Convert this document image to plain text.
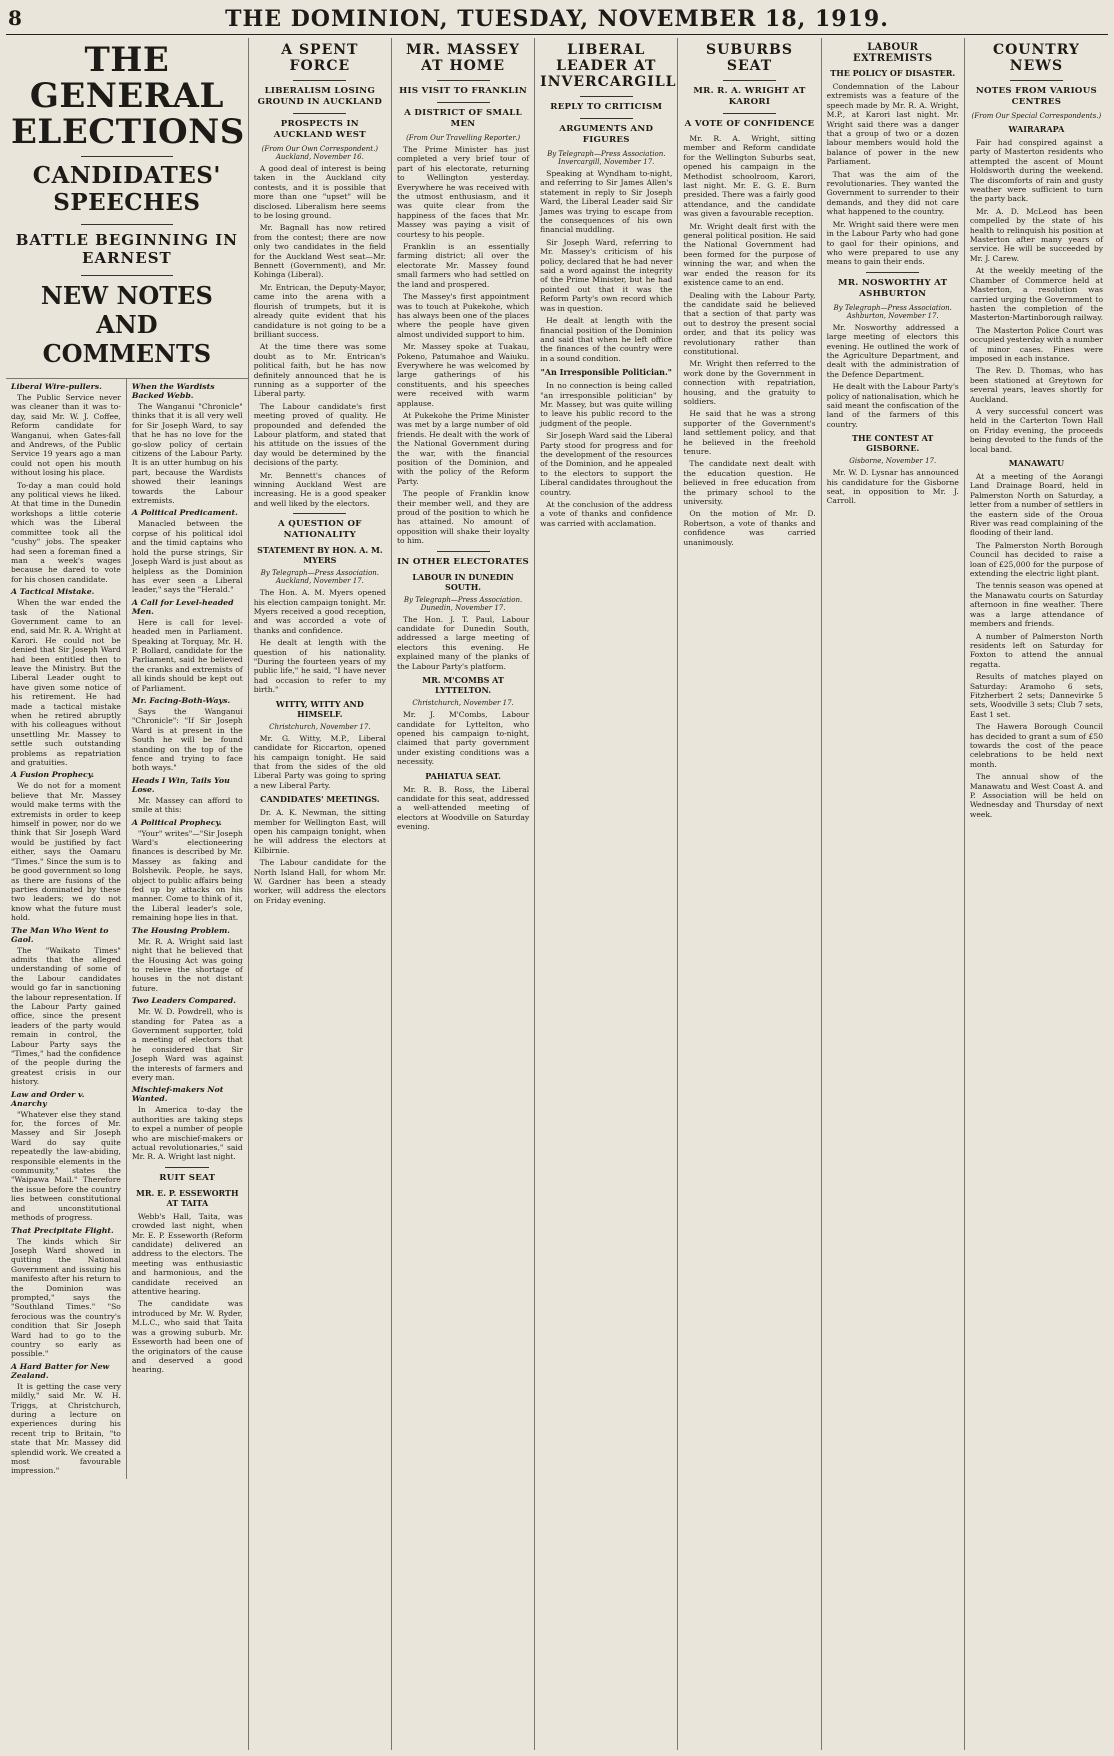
8	THE DOMINION, TUESDAY, NOVEMBER 18, 1919.
THE GENERAL ELECTIONS
CANDIDATES' SPEECHES
BATTLE BEGINNING IN EARNEST
NEW NOTES AND COMMENTS
Liberal Wire-pullers.

The Public Service never was cleaner than it was to-day, said Mr. W. J. Coffee, Reform candidate for Wanganui, when Gates-fall and Andrews, of the Public Service 19 years ago a man could not open his mouth without losing his place.

To-day a man could hold any political views he liked. At that time in the Dunedin workshops a little coterie which was the Liberal committee took all the "cushy" jobs. The speaker had seen a foreman fined a man a week's wages because he dared to vote for his chosen candidate.

A Tactical Mistake.

When the war ended the task of the National Government came to an end, said Mr. R. A. Wright at Karori. He could not be denied that Sir Joseph Ward had been entitled then to leave the Ministry. But the Liberal Leader ought to have given some notice of his retirement. He had made a tactical mistake when he retired abruptly with his colleagues without unsettling Mr. Massey to settle such outstanding problems as repatriation and gratuities.

A Fusion Prophecy.

We do not for a moment believe that Mr. Massey would make terms with the extremists in order to keep himself in power, nor do we think that Sir Joseph Ward would be justified by fact either, says the Oamaru "Times." Since the sum is to be good government so long as there are fusions of the parties dominated by these two leaders; we do not know what the future must hold.

The Man Who Went to Gaol.

The "Waikato Times" admits that the alleged understanding of some of the Labour candidates would go far in sanctioning the labour representation. If the Labour Party gained office, since the present leaders of the party would remain in control, the Labour Party says the "Times," had the confidence of the people during the greatest crisis in our history.

Law and Order v. Anarchy

"Whatever else they stand for, the forces of Mr. Massey and Sir Joseph Ward do say quite repeatedly the law-abiding, responsible elements in the community," states the "Waipawa Mail." Therefore the issue before the country lies between constitutional and unconstitutional methods of progress.

That Precipitate Flight.

The kinds which Sir Joseph Ward showed in quitting the National Government and issuing his manifesto after his return to the Dominion was prompted," says the "Southland Times." "So ferocious was the country's condition that Sir Joseph Ward had to go to the country so early as possible."

A Hard Batter for New Zealand.

It is getting the case very mildly," said Mr. W. H. Triggs, at Christchurch, during a lecture on experiences during his recent trip to Britain, "to state that Mr. Massey did splendid work. We created a most favourable impression."

When the Wardists Backed Webb.

The Wanganui "Chronicle" thinks that it is all very well for Sir Joseph Ward, to say that he has no love for the go-slow policy of certain citizens of the Labour Party. It is an utter humbug on his part, because the Wardists showed their leanings towards the Labour extremists.

A Political Predicament.

Manacled between the corpse of his political idol and the timid captains who hold the purse strings, Sir Joseph Ward is just about as helpless as the Dominion has ever seen a Liberal leader," says the "Herald."

A Call for Level-headed Men.

Here is call for level-headed men in Parliament. Speaking at Torquay, Mr. H. P. Bollard, candidate for the Parliament, said he believed the cranks and extremists of all kinds should be kept out of Parliament.

Mr. Facing-Both-Ways.

Says the Wanganui "Chronicle": "If Sir Joseph Ward is at present in the South he will be found standing on the top of the fence and trying to face both ways."

Heads I Win, Tails You Lose.

Mr. Massey can afford to smile at this:

A Political Prophecy.

"Your" writes"—"Sir Joseph Ward's electioneering finances is described by Mr. Massey as faking and Bolshevik. People, he says, object to public affairs being fed up by attacks on his manner. Come to think of it, the Liberal leader's sole, remaining hope lies in that.

The Housing Problem.

Mr. R. A. Wright said last night that he believed that the Housing Act was going to relieve the shortage of houses in the not distant future.

Two Leaders Compared.

Mr. W. D. Powdrell, who is standing for Patea as a Government supporter, told a meeting of electors that he considered that Sir Joseph Ward was against the interests of farmers and every man.

Mischief-makers Not Wanted.

In America to-day the authorities are taking steps to expel a number of people who are mischief-makers or actual revolutionaries," said Mr. R. A. Wright last night.

RUIT SEAT
MR. E. P. ESSEWORTH AT TAITA

Webb's Hall, Taita, was crowded last night, when Mr. E. P. Esseworth (Reform candidate) delivered an address to the electors. The meeting was enthusiastic and harmonious, and the candidate received an attentive hearing.

The candidate was introduced by Mr. W. Ryder, M.L.C., who said that Taita was a growing suburb. Mr. Esseworth had been one of the originators of the cause and deserved a good hearing.

A SPENT FORCE
LIBERALISM LOSING GROUND IN AUCKLAND
PROSPECTS IN AUCKLAND WEST
(From Our Own Correspondent.) Auckland, November 16.

A good deal of interest is being taken in the Auckland city contests, and it is possible that more than one "upset" will be disclosed. Liberalism here seems to be losing ground.

Mr. Bagnall has now retired from the contest; there are now only two candidates in the field for the Auckland West seat—Mr. Bennett (Government), and Mr. Kohinga (Liberal).

Mr. Entrican, the Deputy-Mayor, came into the arena with a flourish of trumpets, but it is already quite evident that his candidature is not going to be a brilliant success.

At the time there was some doubt as to Mr. Entrican's political faith, but he has now definitely announced that he is running as a supporter of the Liberal party.

The Labour candidate's first meeting proved of quality. He propounded and defended the Labour platform, and stated that his attitude on the issues of the day would be determined by the decisions of the party.

Mr. Bennett's chances of winning Auckland West are increasing. He is a good speaker and well liked by the electors.

A QUESTION OF NATIONALITY
STATEMENT BY HON. A. M. MYERS
By Telegraph—Press Association. Auckland, November 17.

The Hon. A. M. Myers opened his election campaign tonight. Mr. Myers received a good reception, and was accorded a vote of thanks and confidence.

He dealt at length with the question of his nationality. "During the fourteen years of my public life," he said, "I have never had occasion to refer to my birth."

WITTY, WITTY AND HIMSELF.
Christchurch, November 17.

Mr. G. Witty, M.P., Liberal candidate for Riccarton, opened his campaign tonight. He said that from the sides of the old Liberal Party was going to spring a new Liberal Party.

CANDIDATES' MEETINGS.

Dr. A. K. Newman, the sitting member for Wellington East, will open his campaign tonight, when he will address the electors at Kilbirnie.

The Labour candidate for the North Island Hall, for whom Mr. W. Gardner has been a steady worker, will address the electors on Friday evening.

MR. MASSEY AT HOME
HIS VISIT TO FRANKLIN
A DISTRICT OF SMALL MEN
(From Our Travelling Reporter.)

The Prime Minister has just completed a very brief tour of part of his electorate, returning to Wellington yesterday. Everywhere he was received with the utmost enthusiasm, and it was quite clear from the happiness of the faces that Mr. Massey was paying a visit of courtesy to his people.

Franklin is an essentially farming district; all over the electorate Mr. Massey found small farmers who had settled on the land and prospered.

The Massey's first appointment was to touch at Pukekohe, which has always been one of the places where the people have given almost undivided support to him.

Mr. Massey spoke at Tuakau, Pokeno, Patumahoe and Waiuku. Everywhere he was welcomed by large gatherings of his constituents, and his speeches were received with warm applause.

At Pukekohe the Prime Minister was met by a large number of old friends. He dealt with the work of the National Government during the war, with the financial position of the Dominion, and with the policy of the Reform Party.

The people of Franklin know their member well, and they are proud of the position to which he has attained. No amount of opposition will shake their loyalty to him.

IN OTHER ELECTORATES
LABOUR IN DUNEDIN SOUTH.
By Telegraph—Press Association. Dunedin, November 17.

The Hon. J. T. Paul, Labour candidate for Dunedin South, addressed a large meeting of electors this evening. He explained many of the planks of the Labour Party's platform.

MR. M'COMBS AT LYTTELTON.
Christchurch, November 17.

Mr. J. M'Combs, Labour candidate for Lyttelton, who opened his campaign to-night, claimed that party government under existing conditions was a necessity.

PAHIATUA SEAT.

Mr. R. B. Ross, the Liberal candidate for this seat, addressed a well-attended meeting of electors at Woodville on Saturday evening.

LIBERAL LEADER AT INVERCARGILL
REPLY TO CRITICISM
ARGUMENTS AND FIGURES
By Telegraph—Press Association. Invercargill, November 17.

Speaking at Wyndham to-night, and referring to Sir James Allen's statement in reply to Sir Joseph Ward, the Liberal Leader said Sir James was trying to escape from the consequences of his own financial muddling.

Sir Joseph Ward, referring to Mr. Massey's criticism of his policy, declared that he had never said a word against the integrity of the Prime Minister, but he had pointed out that it was the Reform Party's own record which was in question.

He dealt at length with the financial position of the Dominion and said that when he left office the finances of the country were in a sound condition.

"An Irresponsible Politician."

In no connection is being called "an irresponsible politician" by Mr. Massey, but was quite willing to leave his public record to the judgment of the people.

Sir Joseph Ward said the Liberal Party stood for progress and for the development of the resources of the Dominion, and he appealed to the electors to support the Liberal candidates throughout the country.

At the conclusion of the address a vote of thanks and confidence was carried with acclamation.

SUBURBS SEAT
MR. R. A. WRIGHT AT KARORI
A VOTE OF CONFIDENCE

Mr. R. A. Wright, sitting member and Reform candidate for the Wellington Suburbs seat, opened his campaign in the Methodist schoolroom, Karori, last night. Mr. E. G. E. Burn presided. There was a fairly good attendance, and the candidate was given a favourable reception.

Mr. Wright dealt first with the general political position. He said the National Government had been formed for the purpose of winning the war, and when the war ended the reason for its existence came to an end.

Dealing with the Labour Party, the candidate said he believed that a section of that party was out to destroy the present social order, and that its policy was revolutionary rather than constitutional.

Mr. Wright then referred to the work done by the Government in connection with repatriation, housing, and the gratuity to soldiers.

He said that he was a strong supporter of the Government's land settlement policy, and that he believed in the freehold tenure.

The candidate next dealt with the education question. He believed in free education from the primary school to the university.

On the motion of Mr. D. Robertson, a vote of thanks and confidence was carried unanimously.

LABOUR EXTREMISTS
THE POLICY OF DISASTER.

Condemnation of the Labour extremists was a feature of the speech made by Mr. R. A. Wright, M.P., at Karori last night. Mr. Wright said there was a danger that a group of two or a dozen labour members would hold the balance of power in the new Parliament.

That was the aim of the revolutionaries. They wanted the Government to surrender to their demands, and they did not care what happened to the country.

Mr. Wright said there were men in the Labour Party who had gone to gaol for their opinions, and who were prepared to use any means to gain their ends.

MR. NOSWORTHY AT ASHBURTON
By Telegraph—Press Association. Ashburton, November 17.

Mr. Nosworthy addressed a large meeting of electors this evening. He outlined the work of the Agriculture Department, and dealt with the administration of the Defence Department.

He dealt with the Labour Party's policy of nationalisation, which he said meant the confiscation of the land of the farmers of this country.

THE CONTEST AT GISBORNE.
Gisborne, November 17.

Mr. W. D. Lysnar has announced his candidature for the Gisborne seat, in opposition to Mr. J. Carroll.

COUNTRY NEWS
NOTES FROM VARIOUS CENTRES
(From Our Special Correspondents.)
WAIRARAPA

Fair had conspired against a party of Masterton residents who attempted the ascent of Mount Holdsworth during the weekend. The discomforts of rain and gusty weather were sufficient to turn the party back.

Mr. A. D. McLeod has been compelled by the state of his health to relinquish his position at Masterton after many years of service. He will be succeeded by Mr. J. Carew.

At the weekly meeting of the Chamber of Commerce held at Masterton, a resolution was carried urging the Government to hasten the completion of the Masterton-Martinborough railway.

The Masterton Police Court was occupied yesterday with a number of minor cases. Fines were imposed in each instance.

The Rev. D. Thomas, who has been stationed at Greytown for several years, leaves shortly for Auckland.

A very successful concert was held in the Carterton Town Hall on Friday evening, the proceeds being devoted to the funds of the local band.

MANAWATU

At a meeting of the Aorangi Land Drainage Board, held in Palmerston North on Saturday, a letter from a number of settlers in the eastern side of the Oroua River was read complaining of the flooding of their land.

The Palmerston North Borough Council has decided to raise a loan of £25,000 for the purpose of extending the electric light plant.

The tennis season was opened at the Manawatu courts on Saturday afternoon in fine weather. There was a large attendance of members and friends.

A number of Palmerston North residents left on Saturday for Foxton to attend the annual regatta.

Results of matches played on Saturday: Aramoho 6 sets, Fitzherbert 2 sets; Dannevirke 5 sets, Woodville 3 sets; Club 7 sets, East 1 set.

The Hawera Borough Council has decided to grant a sum of £50 towards the cost of the peace celebrations to be held next month.

The annual show of the Manawatu and West Coast A. and P. Association will be held on Wednesday and Thursday of next week.
